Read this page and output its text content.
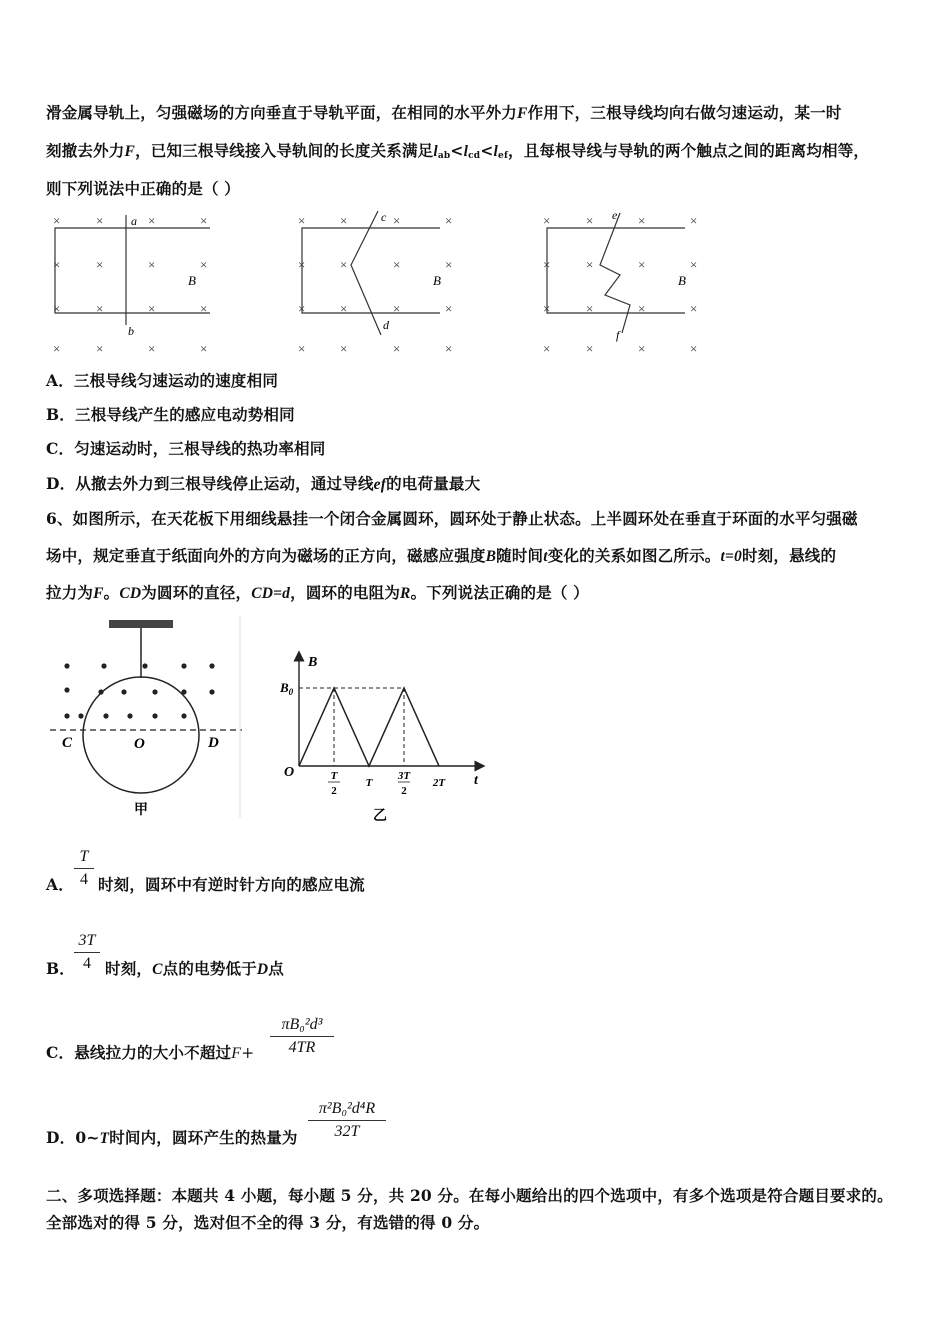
滑金属导轨上，匀强磁场的方向垂直于导轨平面，在相同的水平外力F作用下，三根导线均向右做匀速运动，某一时
刻撤去外力F，已知三根导线接入导轨间的长度关系满足$l_{ab}<l_{cd}<l_{ef}$，且每根导线与导轨的两个触点之间的距离均相等，
则下列说法中正确的是（ ）
×
×
×
×
×
×
×
×
×
×
×
×
×
×
×
×
×
×
×
×
×
×
×
×
×
×
×
×
×
×
×
×
×
×
×
×
×
×
×
×
×
×
×
×
×
×
×
×
a
b
B
c
d
B
e
f
B
A．三根导线匀速运动的速度相同
B．三根导线产生的感应电动势相同
C．匀速运动时，三根导线的热功率相同
D．从撤去外力到三根导线停止运动，通过导线ef的电荷量最大
6、如图所示，在天花板下用细线悬挂一个闭合金属圆环，圆环处于静止状态。上半圆环处在垂直于环面的水平匀强磁
场中，规定垂直于纸面向外的方向为磁场的正方向，磁感应强度B随时间t变化的关系如图乙所示。t=0时刻，悬线的
拉力为F。CD为圆环的直径，CD=d，圆环的电阻为R。下列说法正确的是（ ）
C	O	D
甲
B
t
O
$B_0$
T
2
T
3T
2
2T
乙
T
4
A． 时刻，圆环中有逆时针方向的感应电流
3T
4
B． 时刻，C点的电势低于D点
C．悬线拉力的大小不超过F+
πB₀²d³
4TR
D．0~T时间内，圆环产生的热量为
π²B₀²d⁴R
32T
二、多项选择题：本题共 4 小题，每小题 5 分，共 20 分。在每小题给出的四个选项中，有多个选项是符合题目要求的。
全部选对的得 5 分，选对但不全的得 3 分，有选错的得 0 分。
